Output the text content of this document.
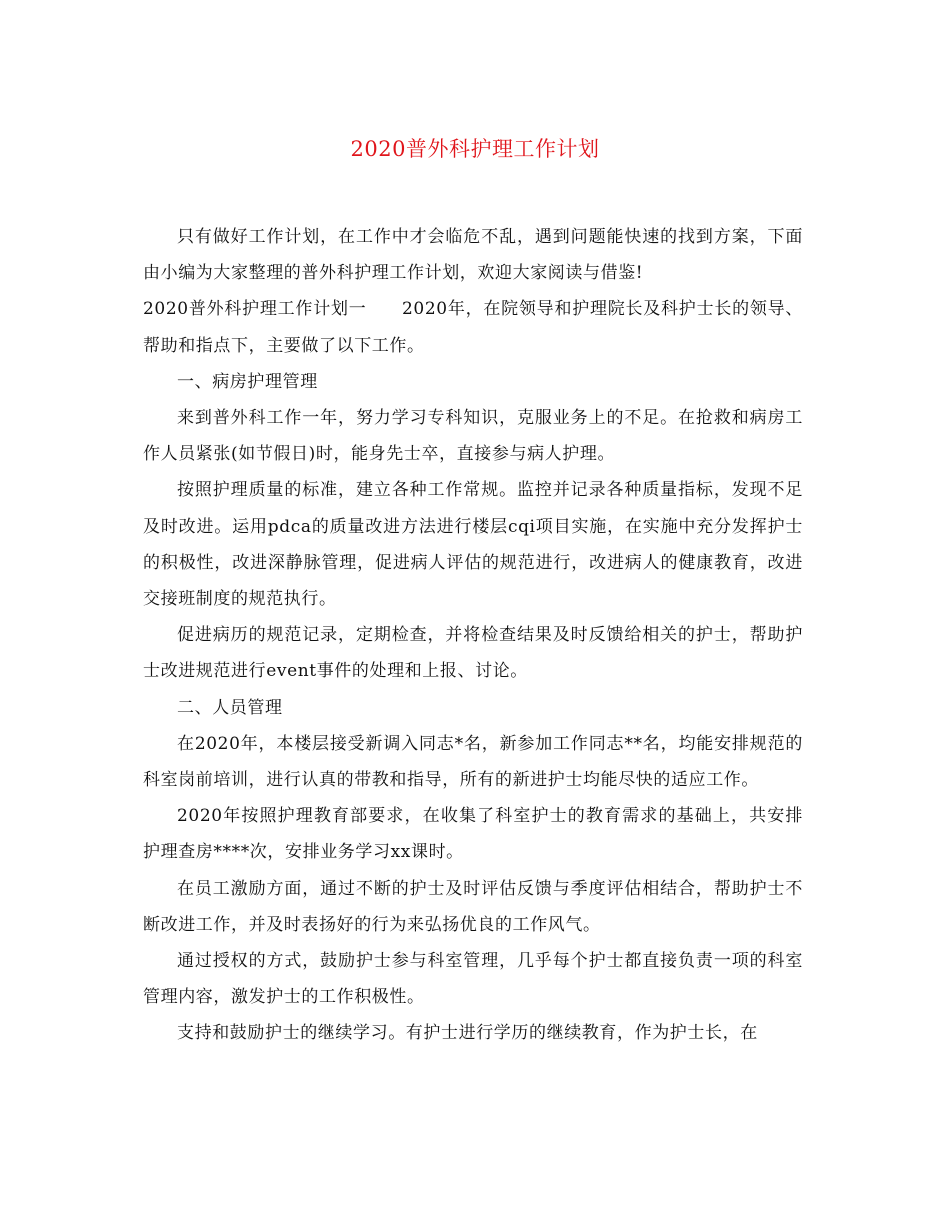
2020普外科护理工作计划

只有做好工作计划，在工作中才会临危不乱，遇到问题能快速的找到方案，下面由小编为大家整理的普外科护理工作计划，欢迎大家阅读与借鉴!

2020普外科护理工作计划一　　2020年，在院领导和护理院长及科护士长的领导、帮助和指点下，主要做了以下工作。

一、病房护理管理

来到普外科工作一年，努力学习专科知识，克服业务上的不足。在抢救和病房工作人员紧张(如节假日)时，能身先士卒，直接参与病人护理。

按照护理质量的标准，建立各种工作常规。监控并记录各种质量指标，发现不足及时改进。运用pdca的质量改进方法进行楼层cqi项目实施，在实施中充分发挥护士的积极性，改进深静脉管理，促进病人评估的规范进行，改进病人的健康教育，改进交接班制度的规范执行。

促进病历的规范记录，定期检查，并将检查结果及时反馈给相关的护士，帮助护士改进规范进行event事件的处理和上报、讨论。

二、人员管理

在2020年，本楼层接受新调入同志*名，新参加工作同志**名，均能安排规范的科室岗前培训，进行认真的带教和指导，所有的新进护士均能尽快的适应工作。

2020年按照护理教育部要求，在收集了科室护士的教育需求的基础上，共安排护理查房****次，安排业务学习xx课时。

在员工激励方面，通过不断的护士及时评估反馈与季度评估相结合，帮助护士不断改进工作，并及时表扬好的行为来弘扬优良的工作风气。

通过授权的方式，鼓励护士参与科室管理，几乎每个护士都直接负责一项的科室管理内容，激发护士的工作积极性。

支持和鼓励护士的继续学习。有护士进行学历的继续教育，作为护士长，在
